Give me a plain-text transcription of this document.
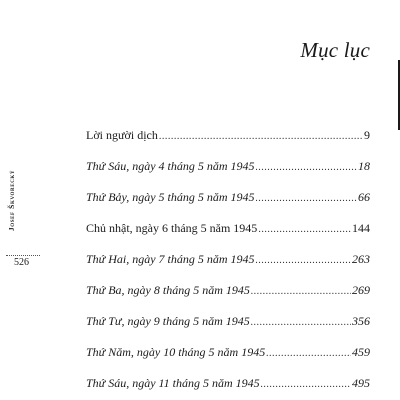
Mục lục
Josef Škvorecký
526
Lời người dịch .....	9
Thứ Sáu, ngày 4 tháng 5 năm 1945 .....	18
Thứ Bảy, ngày 5 tháng 5 năm 1945 .....	66
Chủ nhật, ngày 6 tháng 5 năm 1945 .....	144
Thứ Hai, ngày 7 tháng 5 năm 1945 .....	263
Thứ Ba, ngày 8 tháng 5 năm 1945 .....	269
Thứ Tư, ngày 9 tháng 5 năm 1945 .....	356
Thứ Năm, ngày 10 tháng 5 năm 1945 .....	459
Thứ Sáu, ngày 11 tháng 5 năm 1945 .....	495
